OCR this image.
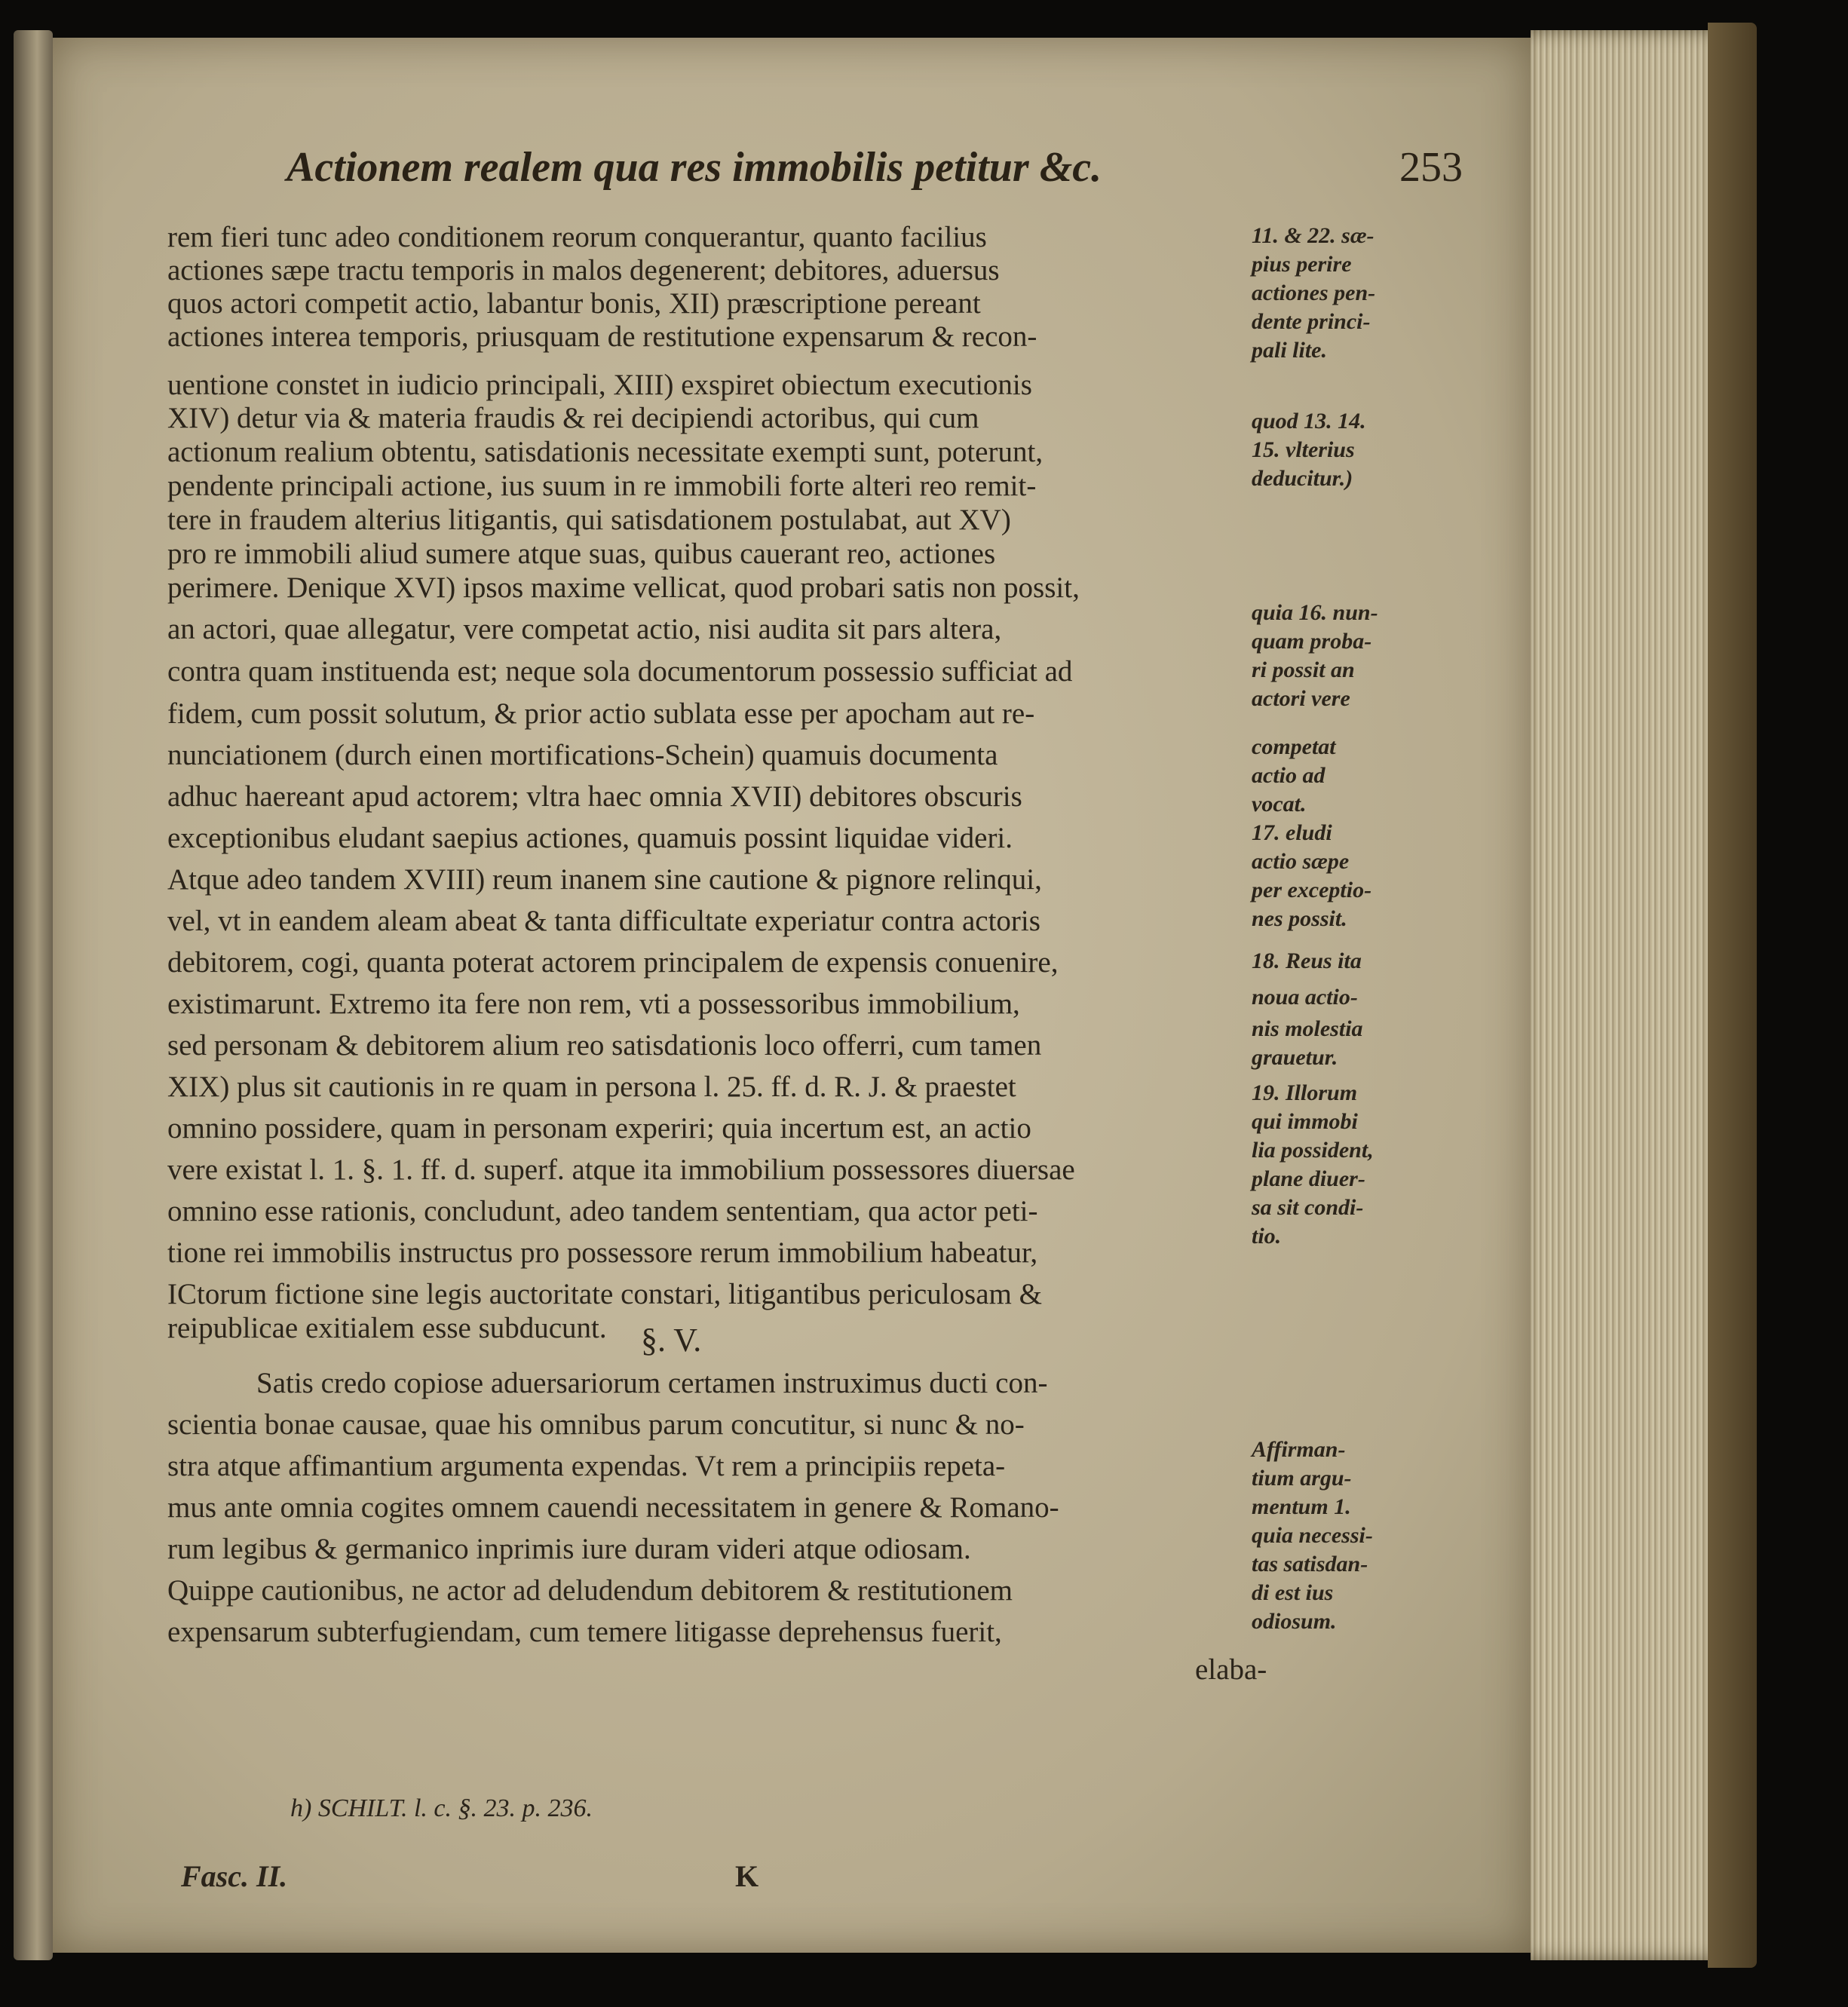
Actionem realem qua res immobilis petitur &c.	253
rem fieri tunc adeo conditionem reorum conquerantur, quanto facilius
actiones sæpe tractu temporis in malos degenerent; debitores, aduersus
quos actori competit actio, labantur bonis, XII) præscriptione pereant
actiones interea temporis, priusquam de restitutione expensarum & recon-
uentione constet in iudicio principali, XIII) exspiret obiectum executionis
XIV) detur via & materia fraudis & rei decipiendi actoribus, qui cum
actionum realium obtentu, satisdationis necessitate exempti sunt, poterunt,
pendente principali actione, ius suum in re immobili forte alteri reo remit-
tere in fraudem alterius litigantis, qui satisdationem postulabat, aut XV)
pro re immobili aliud sumere atque suas, quibus cauerant reo, actiones
perimere. Denique XVI) ipsos maxime vellicat, quod probari satis non possit,
an actori, quae allegatur, vere competat actio, nisi audita sit pars altera,
contra quam instituenda est; neque sola documentorum possessio sufficiat ad
fidem, cum possit solutum, & prior actio sublata esse per apocham aut re-
nunciationem (durch einen mortifications-Schein) quamuis documenta
adhuc haereant apud actorem; vltra haec omnia XVII) debitores obscuris
exceptionibus eludant saepius actiones, quamuis possint liquidae videri.
Atque adeo tandem XVIII) reum inanem sine cautione & pignore relinqui,
vel, vt in eandem aleam abeat & tanta difficultate experiatur contra actoris
debitorem, cogi, quanta poterat actorem principalem de expensis conuenire,
existimarunt. Extremo ita fere non rem, vti a possessoribus immobilium,
sed personam & debitorem alium reo satisdationis loco offerri, cum tamen
XIX) plus sit cautionis in re quam in persona l. 25. ff. d. R. J. & praestet
omnino possidere, quam in personam experiri; quia incertum est, an actio
vere existat l. 1. §. 1. ff. d. superf. atque ita immobilium possessores diuersae
omnino esse rationis, concludunt, adeo tandem sententiam, qua actor peti-
tione rei immobilis instructus pro possessore rerum immobilium habeatur,
ICtorum fictione sine legis auctoritate constari, litigantibus periculosam &
reipublicae exitialem esse subducunt.	§. V.
Satis credo copiose aduersariorum certamen instruximus ducti con-
scientia bonae causae, quae his omnibus parum concutitur, si nunc & no-
stra atque affimantium argumenta expendas. Vt rem a principiis repeta-
mus ante omnia cogites omnem cauendi necessitatem in genere & Romano-
rum legibus & germanico inprimis iure duram videri atque odiosam.
Quippe cautionibus, ne actor ad deludendum debitorem & restitutionem
expensarum subterfugiendam, cum temere litigasse deprehensus fuerit,
elaba-
11. & 22. sæ-
pius perire
actiones pen-
dente princi-
pali lite.
quod 13. 14.
15. vlterius
deducitur.)
quia 16. nun-
quam proba-
ri possit an
actori vere
competat
actio ad
vocat.
17. eludi
actio sæpe
per exceptio-
nes possit.
18. Reus ita
noua actio-
nis molestia
grauetur.
19. Illorum
qui immobi
lia possident,
plane diuer-
sa sit condi-
tio.
Affirman-
tium argu-
mentum 1.
quia necessi-
tas satisdan-
di est ius
odiosum.
h) SCHILT. l. c. §. 23. p. 236.
Fasc. II.	K
